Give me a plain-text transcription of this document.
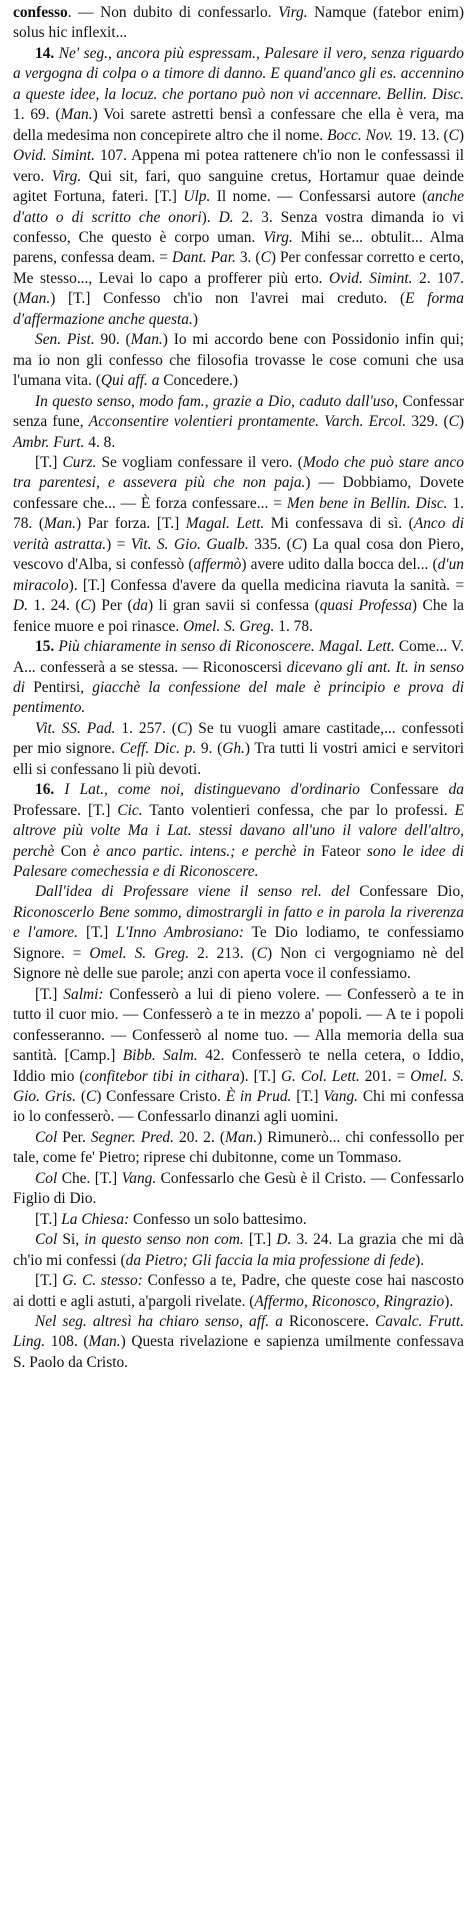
confesso. — Non dubito di confessarlo. Virg. Namque (fatebor enim) solus hic inflexit...

14. Ne' seg., ancora più espressam., Palesare il vero, senza riguardo a vergogna di colpa o a timore di danno. E quand'anco gli es. accennino a queste idee, la locuz. che portano può non vi accennare. Bellin. Disc. 1. 69. (Man.) Voi sarete astretti bensì a confessare che ella è vera, ma della medesima non concepirete altro che il nome. Bocc. Nov. 19. 13. (C) Ovid. Simint. 107. Appena mi potea rattenere ch'io non le confessassi il vero. Virg. Qui sit, fari, quo sanguine cretus, Hortamur quae deinde agitet Fortuna, fateri. [T.] Ulp. Il nome. — Confessarsi autore (anche d'atto o di scritto che onori). D. 2. 3. Senza vostra dimanda io vi confesso, Che questo è corpo uman. Virg. Mihi se... obtulit... Alma parens, confessa deam. = Dant. Par. 3. (C) Per confessar corretto e certo, Me stesso..., Levai lo capo a profferer più erto. Ovid. Simint. 2. 107. (Man.) [T.] Confesso ch'io non l'avrei mai creduto. (E forma d'affermazione anche questa.)

Sen. Pist. 90. (Man.) Io mi accordo bene con Possidonio infin qui; ma io non gli confesso che filosofia trovasse le cose comuni che usa l'umana vita. (Qui aff. a Concedere.)

In questo senso, modo fam., grazie a Dio, caduto dall'uso, Confessar senza fune, Acconsentire volentieri prontamente. Varch. Ercol. 329. (C) Ambr. Furt. 4. 8.

[T.] Curz. Se vogliam confessare il vero. (Modo che può stare anco tra parentesi, e assevera più che non paja.) — Dobbiamo, Dovete confessare che... — È forza confessare... = Men bene in Bellin. Disc. 1. 78. (Man.) Par forza. [T.] Magal. Lett. Mi confessava di sì. (Anco di verità astratta.) = Vit. S. Gio. Gualb. 335. (C) La qual cosa don Piero, vescovo d'Alba, si confessò (affermò) avere udito dalla bocca del... (d'un miracolo). [T.] Confessa d'avere da quella medicina riavuta la sanità. = D. 1. 24. (C) Per (da) li gran savii si confessa (quasi Professa) Che la fenice muore e poi rinasce. Omel. S. Greg. 1. 78.

15. Più chiaramente in senso di Riconoscere. Magal. Lett. Come... V. A... confesserà a se stessa. — Riconoscersi dicevano gli ant. It. in senso di Pentirsi, giacchè la confessione del male è principio e prova di pentimento.

Vit. SS. Pad. 1. 257. (C) Se tu vuogli amare castitade,... confessoti per mio signore. Ceff. Dic. p. 9. (Gh.) Tra tutti li vostri amici e servitori elli si confessano li più devoti.

16. I Lat., come noi, distinguevano d'ordinario Confessare da Professare. [T.] Cic. Tanto volentieri confessa, che par lo professi. E altrove più volte Ma i Lat. stessi davano all'uno il valore dell'altro, perchè Con è anco partic. intens.; e perchè in Fateor sono le idee di Palesare comechessia e di Riconoscere.

Dall'idea di Professare viene il senso rel. del Confessare Dio, Riconoscerlo Bene sommo, dimostrargli in fatto e in parola la riverenza e l'amore. [T.] L'Inno Ambrosiano: Te Dio lodiamo, te confessiamo Signore. = Omel. S. Greg. 2. 213. (C) Non ci vergogniamo nè del Signore nè delle sue parole; anzi con aperta voce il confessiamo.

[T.] Salmi: Confesserò a lui di pieno volere. — Confesserò a te in tutto il cuor mio. — Confesserò a te in mezzo a' popoli. — A te i popoli confesseranno. — Confesserò al nome tuo. — Alla memoria della sua santità. [Camp.] Bibb. Salm. 42. Confesserò te nella cetera, o Iddio, Iddio mio (confitebor tibi in cithara). [T.] G. Col. Lett. 201. = Omel. S. Gio. Gris. (C) Confessare Cristo. È in Prud. [T.] Vang. Chi mi confessa io lo confesserò. — Confessarlo dinanzi agli uomini.

Col Per. Segner. Pred. 20. 2. (Man.) Rimunerò... chi confessollo per tale, come fe' Pietro; riprese chi dubitonne, come un Tommaso.

Col Che. [T.] Vang. Confessarlo che Gesù è il Cristo. — Confessarlo Figlio di Dio.

[T.] La Chiesa: Confesso un solo battesimo.

Col Si, in questo senso non com. [T.] D. 3. 24. La grazia che mi dà ch'io mi confessi (da Pietro; Gli faccia la mia professione di fede).

[T.] G. C. stesso: Confesso a te, Padre, che queste cose hai nascosto ai dotti e agli astuti, a'pargoli rivelate. (Affermo, Riconosco, Ringrazio).

Nel seg. altresì ha chiaro senso, aff. a Riconoscere. Cavalc. Frutt. Ling. 108. (Man.) Questa rivelazione e sapienza umilmente confessava S. Paolo da Cristo.
